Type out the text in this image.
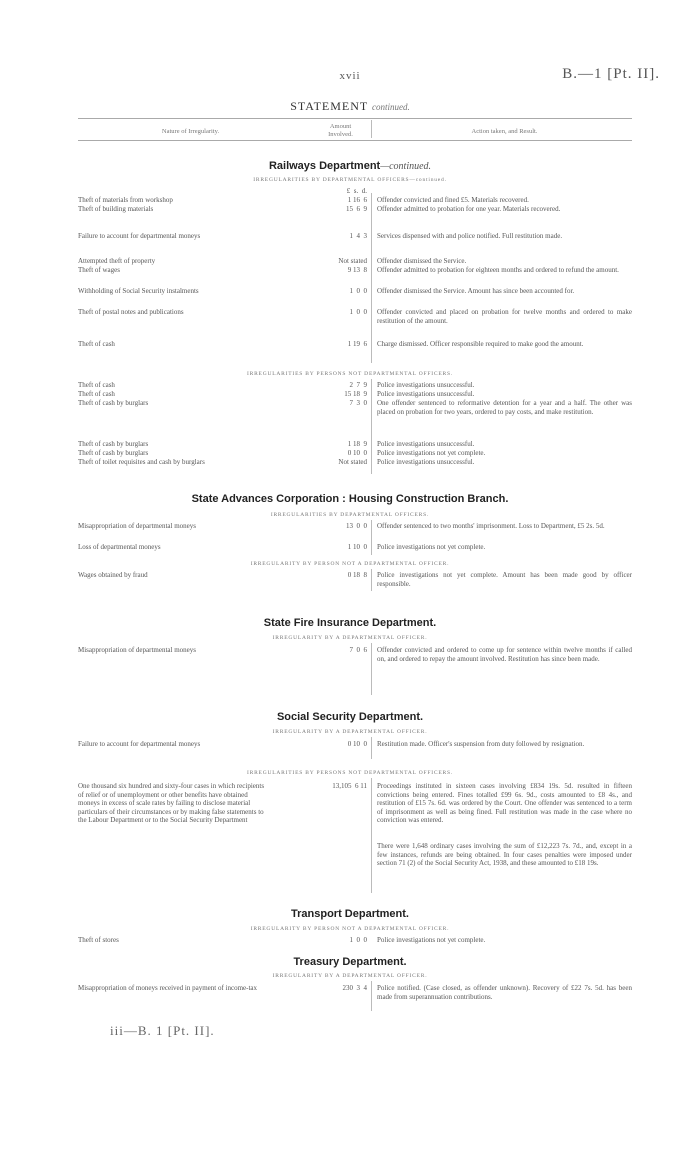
xvii	B.—1 [Pt. II].
STATEMENT continued.
Nature of Irregularity.
Amount Involved.	Action taken, and Result.
Railways Department—continued.
IRREGULARITIES BY DEPARTMENTAL OFFICERS—continued.
£  s.  d.
Theft of materials from workshop	1 16  6 Offender convicted and fined £5. Materials recovered.
Theft of building materials	15  6  9 Offender admitted to probation for one year. Materials recovered.
Failure to account for departmental moneys	1  4  3 Services dispensed with and police notified. Full restitution made.
Attempted theft of property	Not stated Offender dismissed the Service.
Theft of wages	9 13  8 Offender admitted to probation for eighteen months and ordered to refund the amount.
Withholding of Social Security instalments	1  0  0 Offender dismissed the Service. Amount has since been accounted for.
Theft of postal notes and publications	1  0  0 Offender convicted and placed on probation for twelve months and ordered to make restitution of the amount.
Theft of cash	1 19  6 Charge dismissed. Officer responsible required to make good the amount.
IRREGULARITIES BY PERSONS NOT DEPARTMENTAL OFFICERS.
Theft of cash	2  7  9 Police investigations unsuccessful.
Theft of cash	15 18  9 Police investigations unsuccessful.
Theft of cash by burglars	7  3  0 One offender sentenced to reformative detention for a year and a half. The other was placed on probation for two years, ordered to pay costs, and make restitution.
Theft of cash by burglars	1 18  9 Police investigations unsuccessful.
Theft of cash by burglars	0 10  0 Police investigations not yet complete.
Theft of toilet requisites and cash by burglars	Not stated Police investigations unsuccessful.
State Advances Corporation : Housing Construction Branch.
IRREGULARITIES BY DEPARTMENTAL OFFICERS.
Misappropriation of departmental moneys	13  0  0 Offender sentenced to two months' imprisonment. Loss to Department, £5 2s. 5d.
Loss of departmental moneys	1 10  0 Police investigations not yet complete.
IRREGULARITY BY PERSON NOT A DEPARTMENTAL OFFICER.
Wages obtained by fraud	0 18  8 Police investigations not yet complete. Amount has been made good by officer responsible.
State Fire Insurance Department.
IRREGULARITY BY A DEPARTMENTAL OFFICER.
Misappropriation of departmental moneys	7  0  6 Offender convicted and ordered to come up for sentence within twelve months if called on, and ordered to repay the amount involved. Restitution has since been made.
Social Security Department.
IRREGULARITY BY A DEPARTMENTAL OFFICER.
Failure to account for departmental moneys	0 10  0 Restitution made. Officer's suspension from duty followed by resignation.
IRREGULARITIES BY PERSONS NOT DEPARTMENTAL OFFICERS.
One thousand six hundred and sixty-four cases in which recipients of relief or of unemployment or other benefits have obtained moneys in excess of scale rates by failing to disclose material particulars of their circumstances or by making false statements to the Labour Department or to the Social Security Department
13,105  6 11 Proceedings instituted in sixteen cases involving £834 19s. 5d. resulted in fifteen convictions being entered. Fines totalled £99 6s. 9d., costs amounted to £8 4s., and restitution of £15 7s. 6d. was ordered by the Court. One offender was sentenced to a term of imprisonment as well as being fined. Full restitution was made in the case where no conviction was entered.
There were 1,648 ordinary cases involving the sum of £12,223 7s. 7d., and, except in a few instances, refunds are being obtained. In four cases penalties were imposed under section 71 (2) of the Social Security Act, 1938, and these amounted to £18 19s.
Transport Department.
IRREGULARITY BY PERSON NOT A DEPARTMENTAL OFFICER.
Theft of stores	1  0  0 Police investigations not yet complete.
Treasury Department.
IRREGULARITY BY A DEPARTMENTAL OFFICER.
Misappropriation of moneys received in payment of income-tax	230  3  4 Police notified. (Case closed, as offender unknown). Recovery of £22 7s. 5d. has been made from superannuation contributions.
iii—B. 1 [Pt. II].
